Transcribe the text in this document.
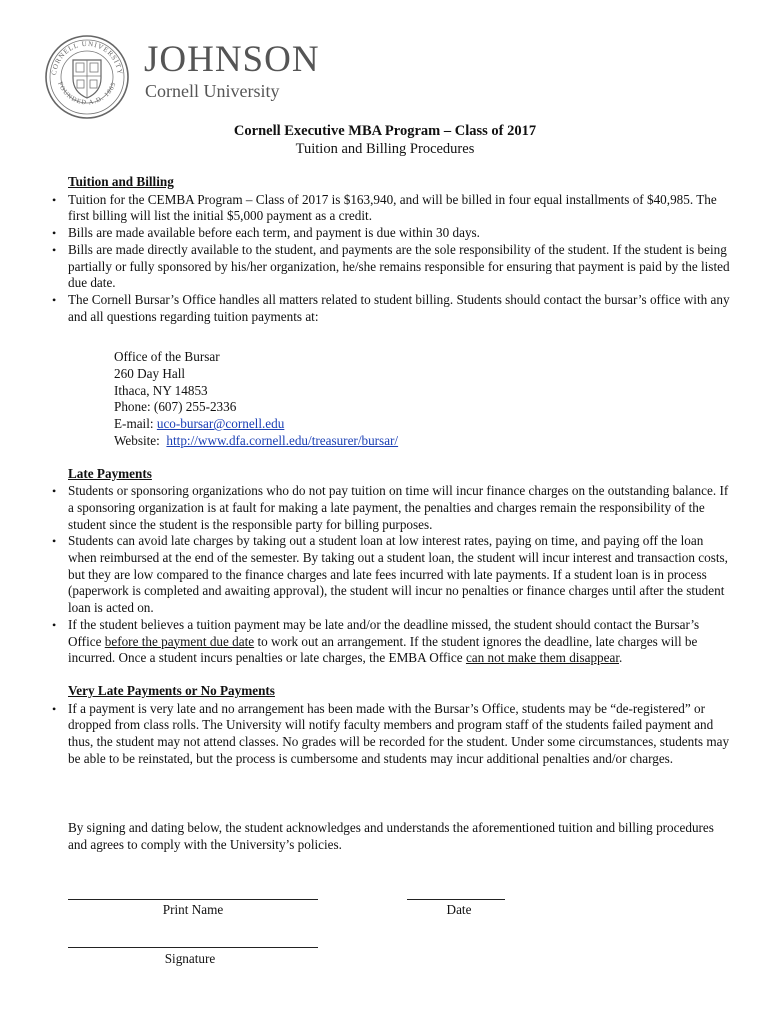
CORNELL UNIVERSITY
FOUNDED A.D. 1865
JOHNSON
Cornell University
Cornell Executive MBA Program – Class of 2017
Tuition and Billing Procedures
Tuition and Billing
• Tuition for the CEMBA Program – Class of 2017 is $163,940, and will be billed in four equal installments of $40,985. The first billing will list the initial $5,000 payment as a credit.
• Bills are made available before each term, and payment is due within 30 days.
• Bills are made directly available to the student, and payments are the sole responsibility of the student. If the student is being partially or fully sponsored by his/her organization, he/she remains responsible for ensuring that payment is paid by the listed due date.
• The Cornell Bursar’s Office handles all matters related to student billing. Students should contact the bursar’s office with any and all questions regarding tuition payments at:
Office of the Bursar
260 Day Hall
Ithaca, NY 14853
Phone: (607) 255-2336
E-mail: uco-bursar@cornell.edu
Website:  http://www.dfa.cornell.edu/treasurer/bursar/
Late Payments
• Students or sponsoring organizations who do not pay tuition on time will incur finance charges on the outstanding balance. If a sponsoring organization is at fault for making a late payment, the penalties and charges remain the responsibility of the student since the student is the responsible party for billing purposes.
• Students can avoid late charges by taking out a student loan at low interest rates, paying on time, and paying off the loan when reimbursed at the end of the semester. By taking out a student loan, the student will incur interest and transaction costs, but they are low compared to the finance charges and late fees incurred with late payments. If a student loan is in process (paperwork is completed and awaiting approval), the student will incur no penalties or finance charges until after the student loan is acted on.
• If the student believes a tuition payment may be late and/or the deadline missed, the student should contact the Bursar’s Office before the payment due date to work out an arrangement. If the student ignores the deadline, late charges will be incurred. Once a student incurs penalties or late charges, the EMBA Office can not make them disappear.
Very Late Payments or No Payments
• If a payment is very late and no arrangement has been made with the Bursar’s Office, students may be “de-registered” or dropped from class rolls. The University will notify faculty members and program staff of the students failed payment and thus, the student may not attend classes. No grades will be recorded for the student. Under some circumstances, students may be able to be reinstated, but the process is cumbersome and students may incur additional penalties and/or charges.
By signing and dating below, the student acknowledges and understands the aforementioned tuition and billing procedures and agrees to comply with the University’s policies.
Print Name	Date
Signature
